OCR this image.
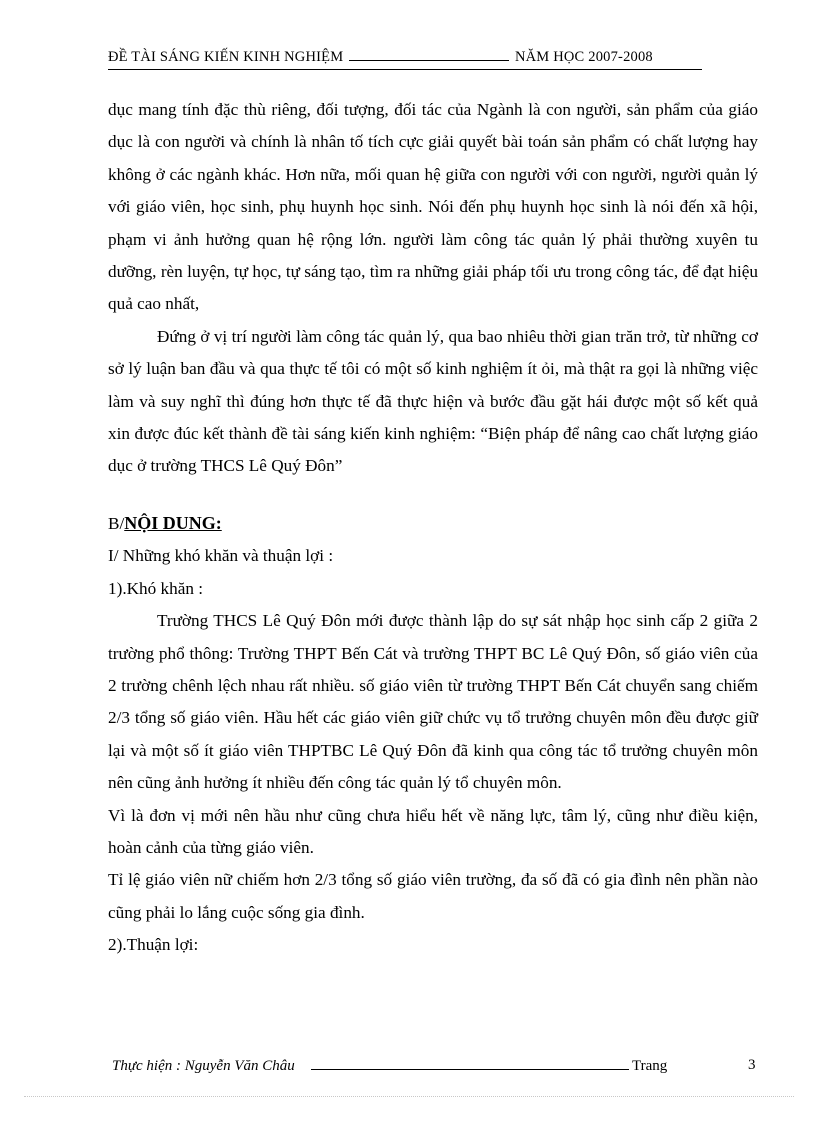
ĐỀ TÀI SÁNG KIẾN KINH NGHIỆM	NĂM HỌC 2007-2008

dục mang tính đặc thù riêng, đối tượng, đối tác của Ngành là con người, sản phẩm của giáo dục là con người và chính là nhân tố tích cực giải quyết bài toán sản phẩm có chất lượng hay không ở các ngành khác. Hơn nữa, mối quan hệ giữa con người với con người, người quản lý với giáo viên, học sinh, phụ huynh học sinh. Nói đến phụ huynh học sinh là nói đến xã hội, phạm vi ảnh hưởng quan hệ rộng lớn. người làm công tác quản lý phải thường xuyên tu dưỡng, rèn luyện, tự học, tự sáng tạo, tìm ra những giải pháp tối ưu trong công tác, để đạt hiệu quả cao nhất,

Đứng ở vị trí người làm công tác quản lý, qua bao nhiêu thời gian trăn trở, từ những cơ sở lý luận ban đầu và qua thực tế tôi có một số kinh nghiệm ít ỏi, mà thật ra gọi là những việc làm và suy nghĩ thì đúng hơn thực tế đã thực hiện và bước đầu gặt hái được một số kết quả xin được đúc kết thành đề tài sáng kiến kinh nghiệm: “Biện pháp để nâng cao chất lượng giáo dục ở trường THCS Lê Quý Đôn”

B/NỘI DUNG:

I/ Những khó khăn và thuận lợi :

1).Khó khăn :

Trường THCS Lê Quý Đôn mới được thành lập do sự sát nhập học sinh cấp 2 giữa 2 trường phổ thông: Trường THPT Bến Cát và trường THPT BC Lê Quý Đôn, số giáo viên của 2 trường chênh lệch nhau rất nhiều. số giáo viên từ trường THPT Bến Cát chuyển sang chiếm 2/3 tổng số giáo viên. Hầu hết các giáo viên giữ chức vụ tổ trưởng chuyên môn đều được giữ lại và một số ít giáo viên THPTBC Lê Quý Đôn đã kinh qua công tác tổ trưởng chuyên môn nên cũng ảnh hưởng ít nhiều đến công tác quản lý tổ chuyên môn.

Vì là đơn vị mới nên hầu như cũng chưa hiểu hết về năng lực, tâm lý, cũng như điều kiện, hoàn cảnh của từng giáo viên.

Tỉ lệ giáo viên nữ chiếm hơn 2/3 tổng số giáo viên trường, đa số đã có gia đình nên phần nào cũng phải lo lắng cuộc sống gia đình.

2).Thuận lợi:

Thực hiện : Nguyễn Văn Châu	Trang	3
